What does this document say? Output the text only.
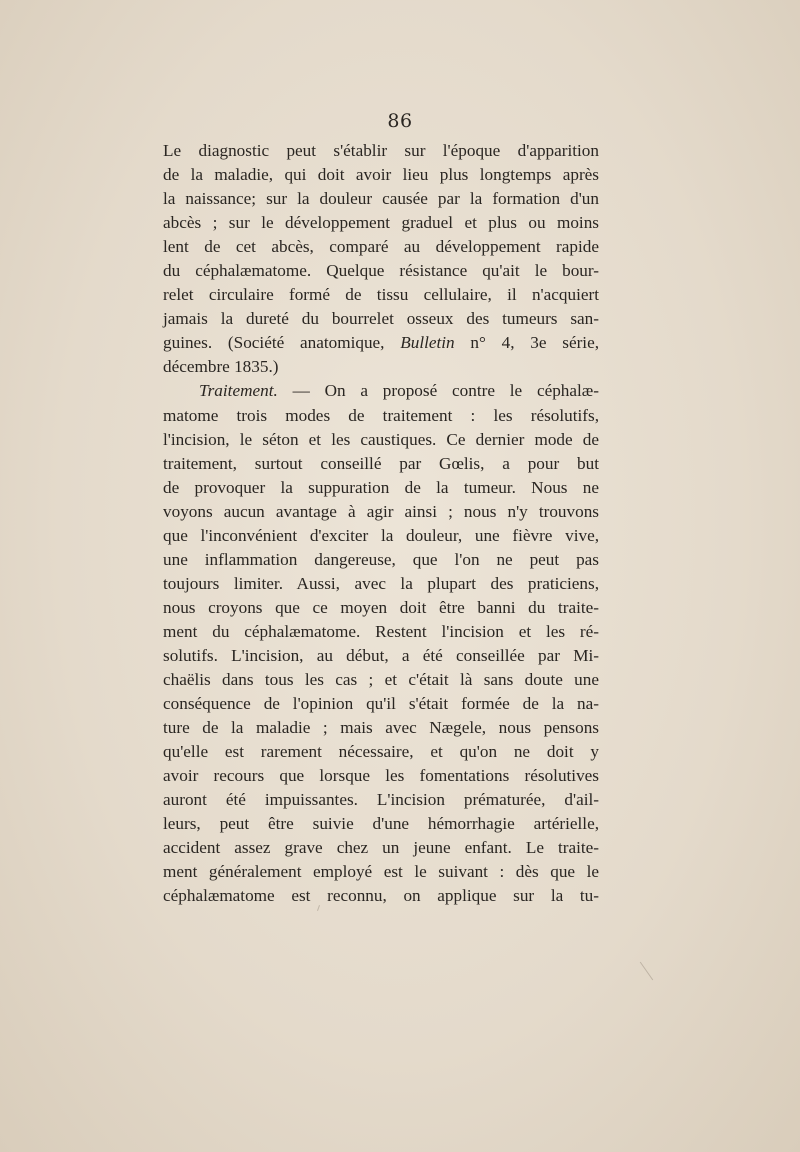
86
Le diagnostic peut s'établir sur l'époque d'apparition
de la maladie, qui doit avoir lieu plus longtemps après
la naissance; sur la douleur causée par la formation d'un
abcès ; sur le développement graduel et plus ou moins
lent de cet abcès, comparé au développement rapide
du céphalæmatome. Quelque résistance qu'ait le bour-
relet circulaire formé de tissu cellulaire, il n'acquiert
jamais la dureté du bourrelet osseux des tumeurs san-
guines. (Société anatomique, Bulletin n° 4, 3e série,
décembre 1835.)
Traitement. — On a proposé contre le céphalæ-
matome trois modes de traitement : les résolutifs,
l'incision, le séton et les caustiques. Ce dernier mode de
traitement, surtout conseillé par Gœlis, a pour but
de provoquer la suppuration de la tumeur. Nous ne
voyons aucun avantage à agir ainsi ; nous n'y trouvons
que l'inconvénient d'exciter la douleur, une fièvre vive,
une inflammation dangereuse, que l'on ne peut pas
toujours limiter. Aussi, avec la plupart des praticiens,
nous croyons que ce moyen doit être banni du traite-
ment du céphalæmatome. Restent l'incision et les ré-
solutifs. L'incision, au début, a été conseillée par Mi-
chaëlis dans tous les cas ; et c'était là sans doute une
conséquence de l'opinion qu'il s'était formée de la na-
ture de la maladie ; mais avec Nægele, nous pensons
qu'elle est rarement nécessaire, et qu'on ne doit y
avoir recours que lorsque les fomentations résolutives
auront été impuissantes. L'incision prématurée, d'ail-
leurs, peut être suivie d'une hémorrhagie artérielle,
accident assez grave chez un jeune enfant. Le traite-
ment généralement employé est le suivant : dès que le
céphalæmatome est reconnu, on applique sur la tu-
